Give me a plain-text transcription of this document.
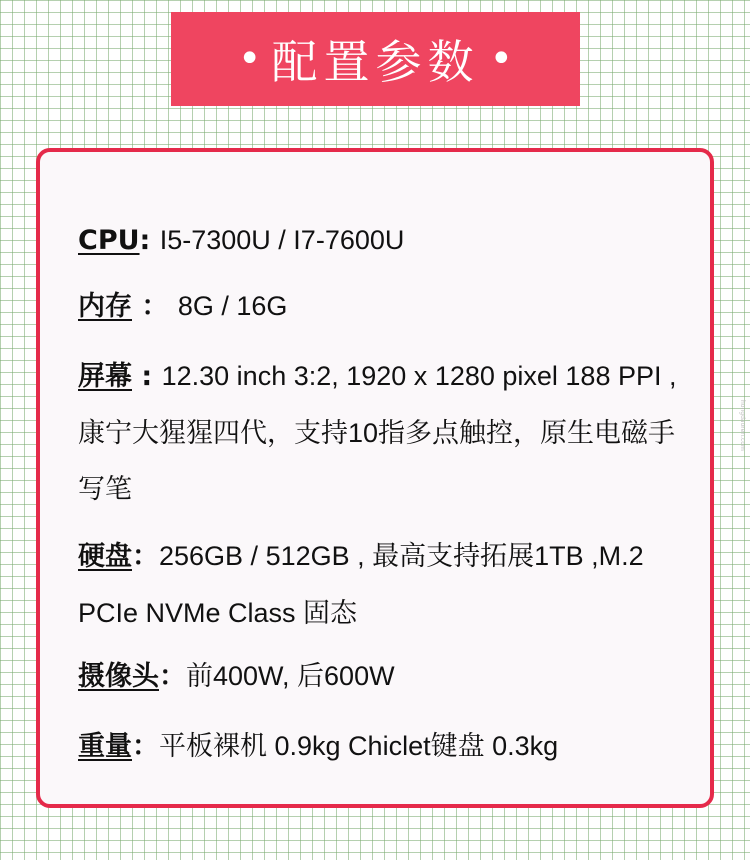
• 配置参数 •
CPU: I5-7300U / I7-7600U
内存 ： 8G / 16G
屏幕 : 12.30 inch 3:2, 1920 x 1280 pixel 188 PPI ,康宁大猩猩四代，支持10指多点触控，原生电磁手写笔
硬盘：256GB / 512GB , 最高支持拓展1TB ,M.2 PCIe NVMe Class 固态
摄像头：前400W, 后600W
重量：平板裸机 0.9kg Chiclet键盘 0.3kg
hongdaoren.com
